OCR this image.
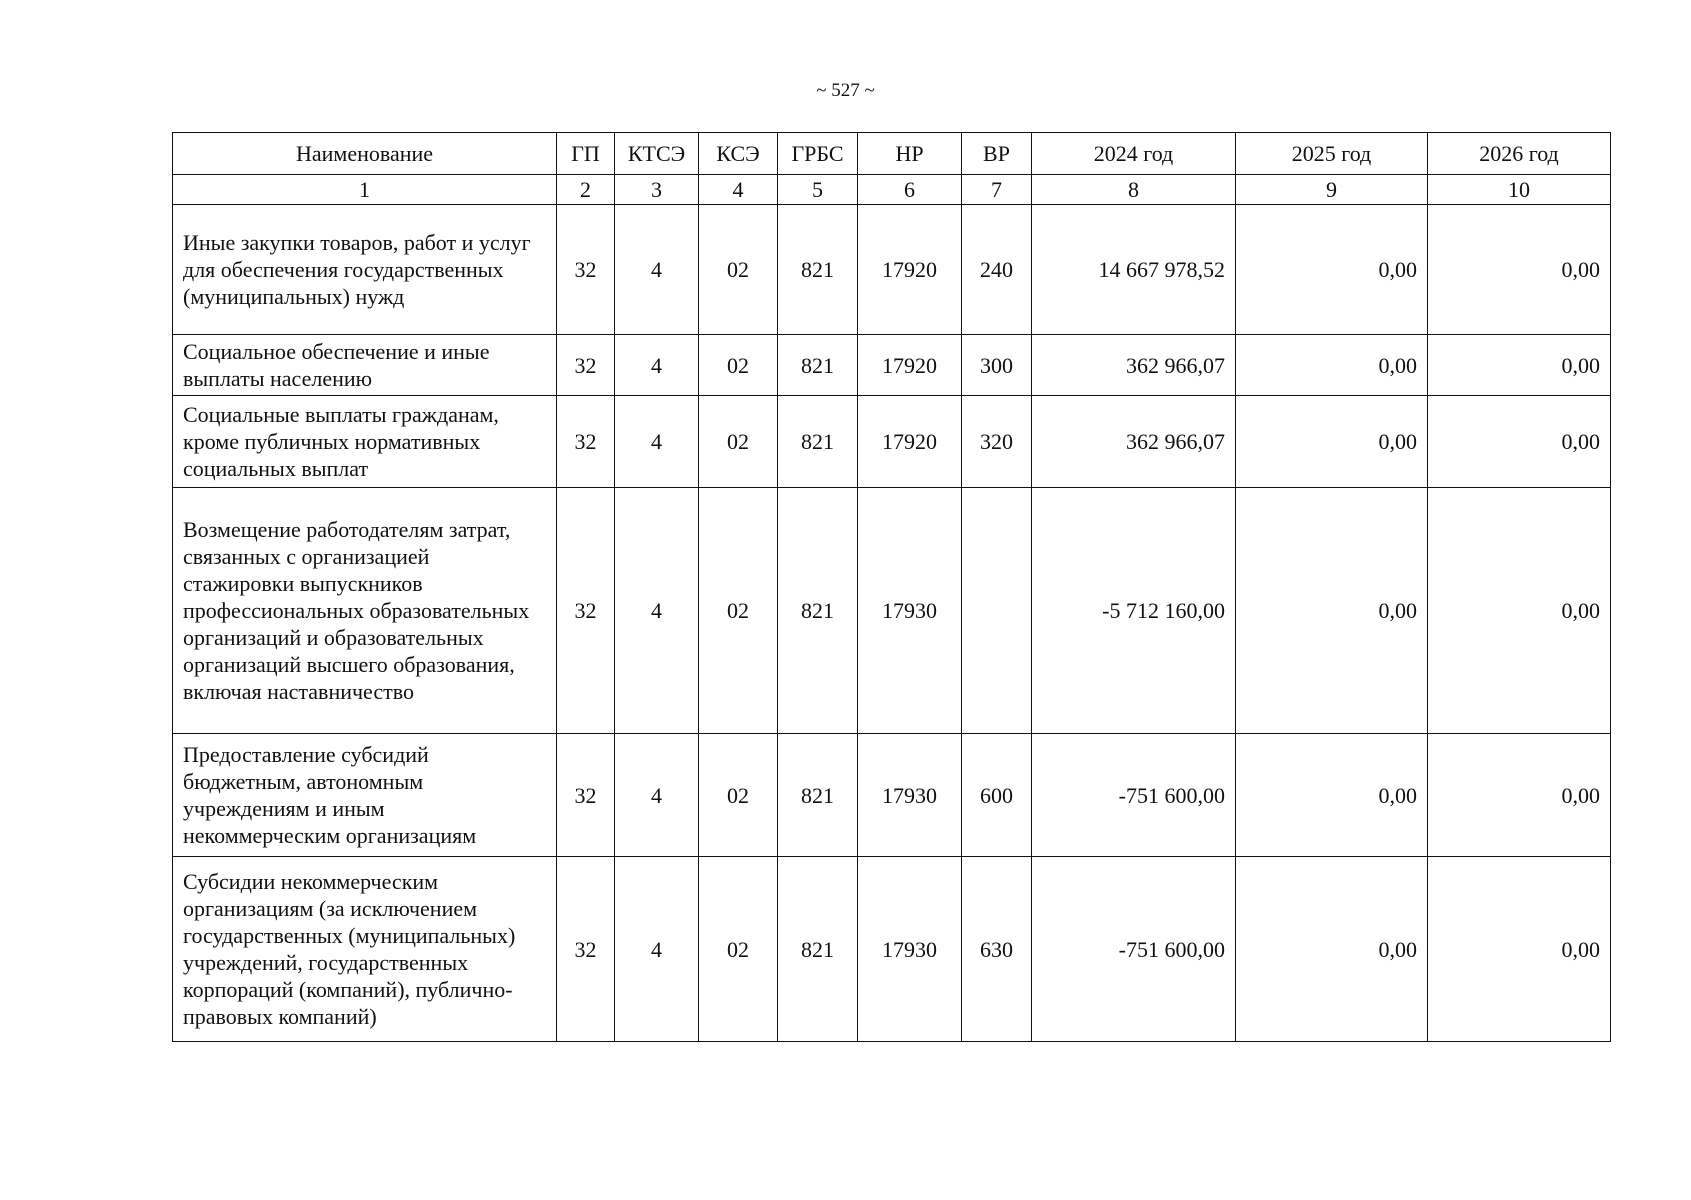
~ 527 ~
Наименование	ГП	КТСЭ	КСЭ	ГРБС	НР	ВР	2024 год	2025 год	2026 год
1	2	3	4	5	6	7	8	9	10
Иные закупки товаров, работ и услуг для обеспечения государственных (муниципальных) нужд	32	4	02	821	17920	240	14 667 978,52	0,00	0,00
Социальное обеспечение и иные выплаты населению	32	4	02	821	17920	300	362 966,07	0,00	0,00
Социальные выплаты гражданам, кроме публичных нормативных социальных выплат	32	4	02	821	17920	320	362 966,07	0,00	0,00
Возмещение работодателям затрат, связанных с организацией стажировки выпускников профессиональных образовательных организаций и образовательных организаций высшего образования, включая наставничество	32	4	02	821	17930		-5 712 160,00	0,00	0,00
Предоставление субсидий бюджетным, автономным учреждениям и иным некоммерческим организациям	32	4	02	821	17930	600	-751 600,00	0,00	0,00
Субсидии некоммерческим организациям (за исключением государственных (муниципальных) учреждений, государственных корпораций (компаний), публично-правовых компаний)	32	4	02	821	17930	630	-751 600,00	0,00	0,00
